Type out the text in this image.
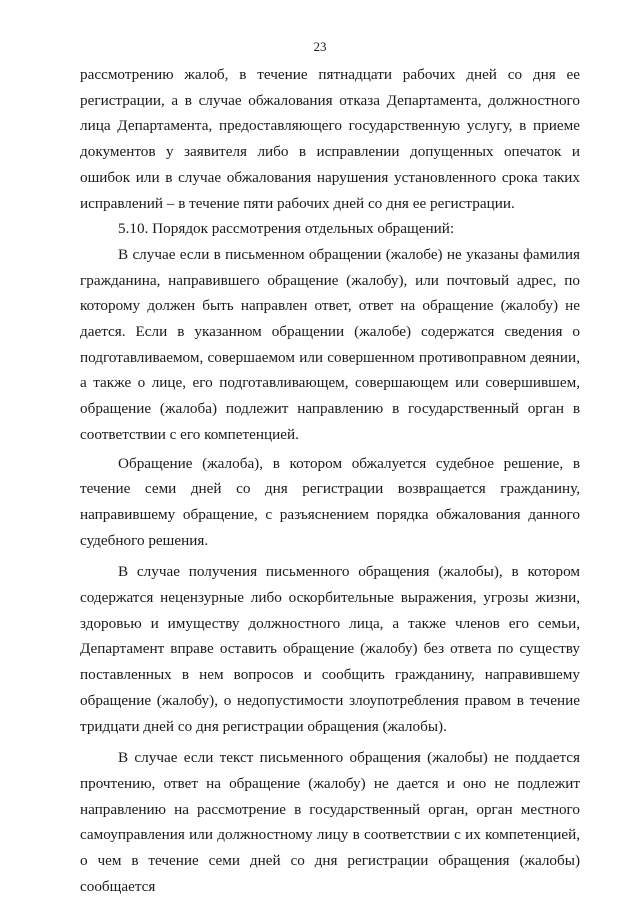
23

рассмотрению жалоб, в течение пятнадцати рабочих дней со дня ее регистрации, а в случае обжалования отказа Департамента, должностного лица Департамента, предоставляющего государственную услугу, в приеме документов у заявителя либо в исправлении допущенных опечаток и ошибок или в случае обжалования нарушения установленного срока таких исправлений – в течение пяти рабочих дней со дня ее регистрации.

5.10. Порядок рассмотрения отдельных обращений:

В случае если в письменном обращении (жалобе) не указаны фамилия гражданина, направившего обращение (жалобу), или почтовый адрес, по которому должен быть направлен ответ, ответ на обращение (жалобу) не дается. Если в указанном обращении (жалобе) содержатся сведения о подготавливаемом, совершаемом или совершенном противоправном деянии, а также о лице, его подготавливающем, совершающем или совершившем, обращение (жалоба) подлежит направлению в государственный орган в соответствии с его компетенцией.

Обращение (жалоба), в котором обжалуется судебное решение, в течение семи дней со дня регистрации возвращается гражданину, направившему обращение, с разъяснением порядка обжалования данного судебного решения.

В случае получения письменного обращения (жалобы), в котором содержатся нецензурные либо оскорбительные выражения, угрозы жизни, здоровью и имуществу должностного лица, а также членов его семьи, Департамент вправе оставить обращение (жалобу) без ответа по существу поставленных в нем вопросов и сообщить гражданину, направившему обращение (жалобу), о недопустимости злоупотребления правом в течение тридцати дней со дня регистрации обращения (жалобы).

В случае если текст письменного обращения (жалобы) не поддается прочтению, ответ на обращение (жалобу) не дается и оно не подлежит направлению на рассмотрение в государственный орган, орган местного самоуправления или должностному лицу в соответствии с их компетенцией, о чем в течение семи дней со дня регистрации обращения (жалобы) сообщается
